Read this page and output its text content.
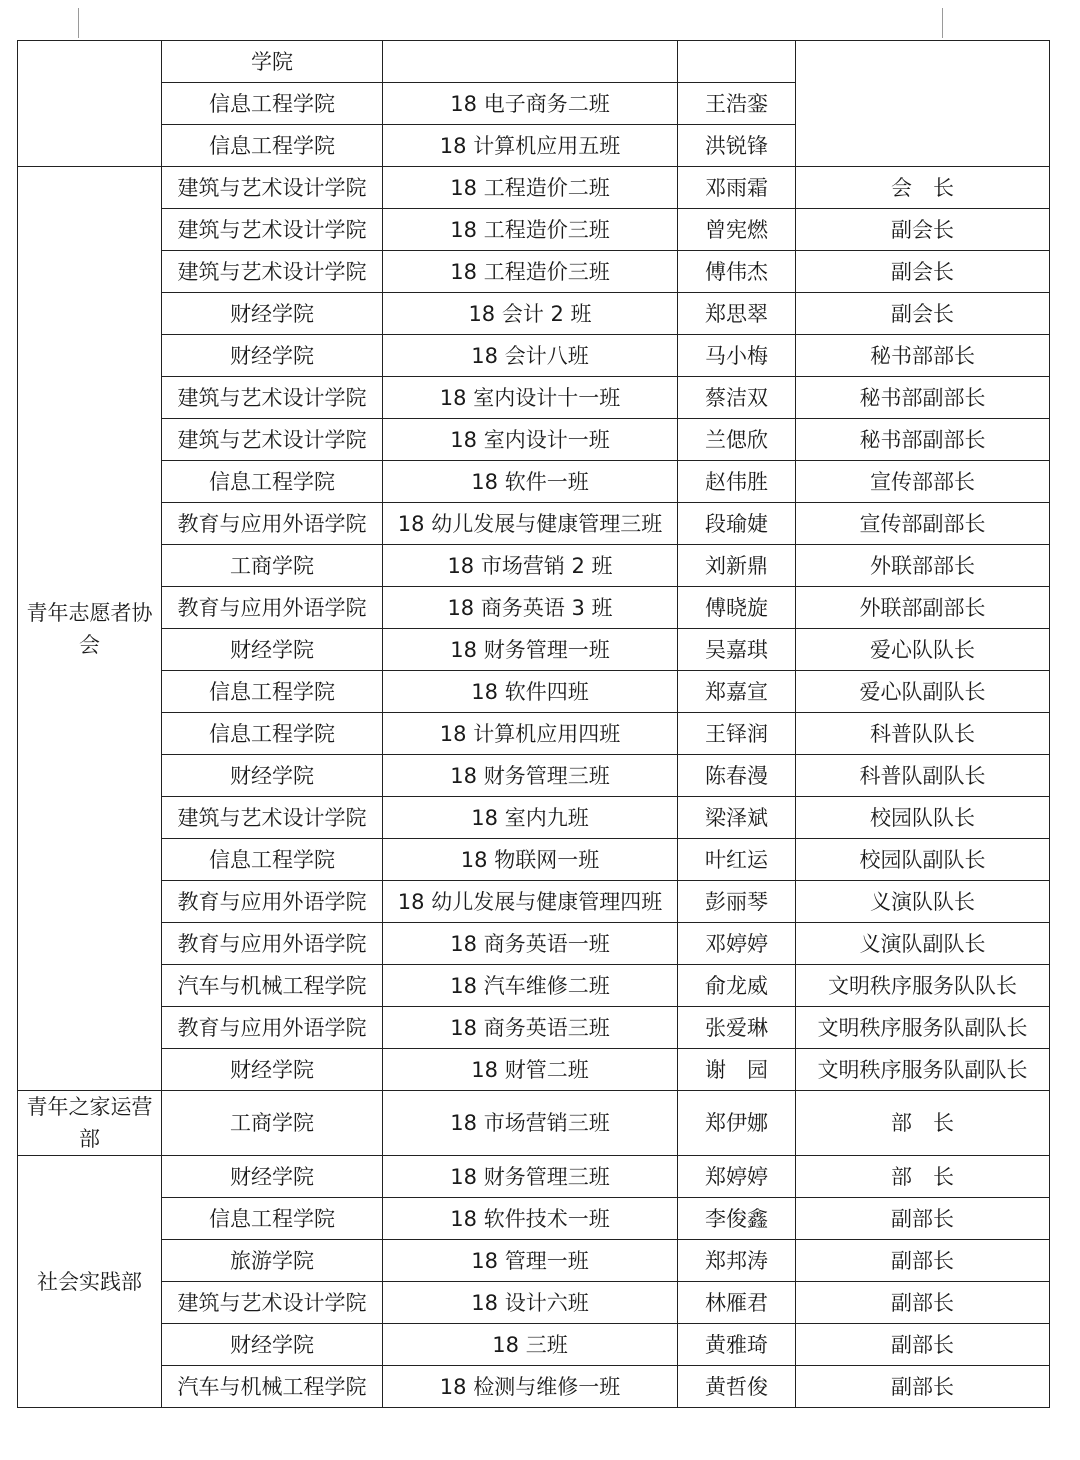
	学院			
	信息工程学院	18 电子商务二班	王浩銮	
	信息工程学院	18 计算机应用五班	洪锐锋	
青年志愿者协会	建筑与艺术设计学院	18 工程造价二班	邓雨霜	会　长
	建筑与艺术设计学院	18 工程造价三班	曾宪燃	副会长
	建筑与艺术设计学院	18 工程造价三班	傅伟杰	副会长
	财经学院	18 会计 2 班	郑思翠	副会长
	财经学院	18 会计八班	马小梅	秘书部部长
	建筑与艺术设计学院	18 室内设计十一班	蔡洁双	秘书部副部长
	建筑与艺术设计学院	18 室内设计一班	兰偲欣	秘书部副部长
	信息工程学院	18 软件一班	赵伟胜	宣传部部长
	教育与应用外语学院	18 幼儿发展与健康管理三班	段瑜婕	宣传部副部长
	工商学院	18 市场营销 2 班	刘新鼎	外联部部长
	教育与应用外语学院	18 商务英语 3 班	傅晓旋	外联部副部长
	财经学院	18 财务管理一班	吴嘉琪	爱心队队长
	信息工程学院	18 软件四班	郑嘉宣	爱心队副队长
	信息工程学院	18 计算机应用四班	王铎润	科普队队长
	财经学院	18 财务管理三班	陈春漫	科普队副队长
	建筑与艺术设计学院	18 室内九班	梁泽斌	校园队队长
	信息工程学院	18 物联网一班	叶红运	校园队副队长
	教育与应用外语学院	18 幼儿发展与健康管理四班	彭丽琴	义演队队长
	教育与应用外语学院	18 商务英语一班	邓婷婷	义演队副队长
	汽车与机械工程学院	18 汽车维修二班	俞龙威	文明秩序服务队队长
	教育与应用外语学院	18 商务英语三班	张爱琳	文明秩序服务队副队长
	财经学院	18 财管二班	谢　园	文明秩序服务队副队长
青年之家运营部	工商学院	18 市场营销三班	郑伊娜	部　长
社会实践部	财经学院	18 财务管理三班	郑婷婷	部　长
	信息工程学院	18 软件技术一班	李俊鑫	副部长
	旅游学院	18 管理一班	郑邦涛	副部长
	建筑与艺术设计学院	18 设计六班	林雁君	副部长
	财经学院	18 三班	黄雅琦	副部长
	汽车与机械工程学院	18 检测与维修一班	黄哲俊	副部长
